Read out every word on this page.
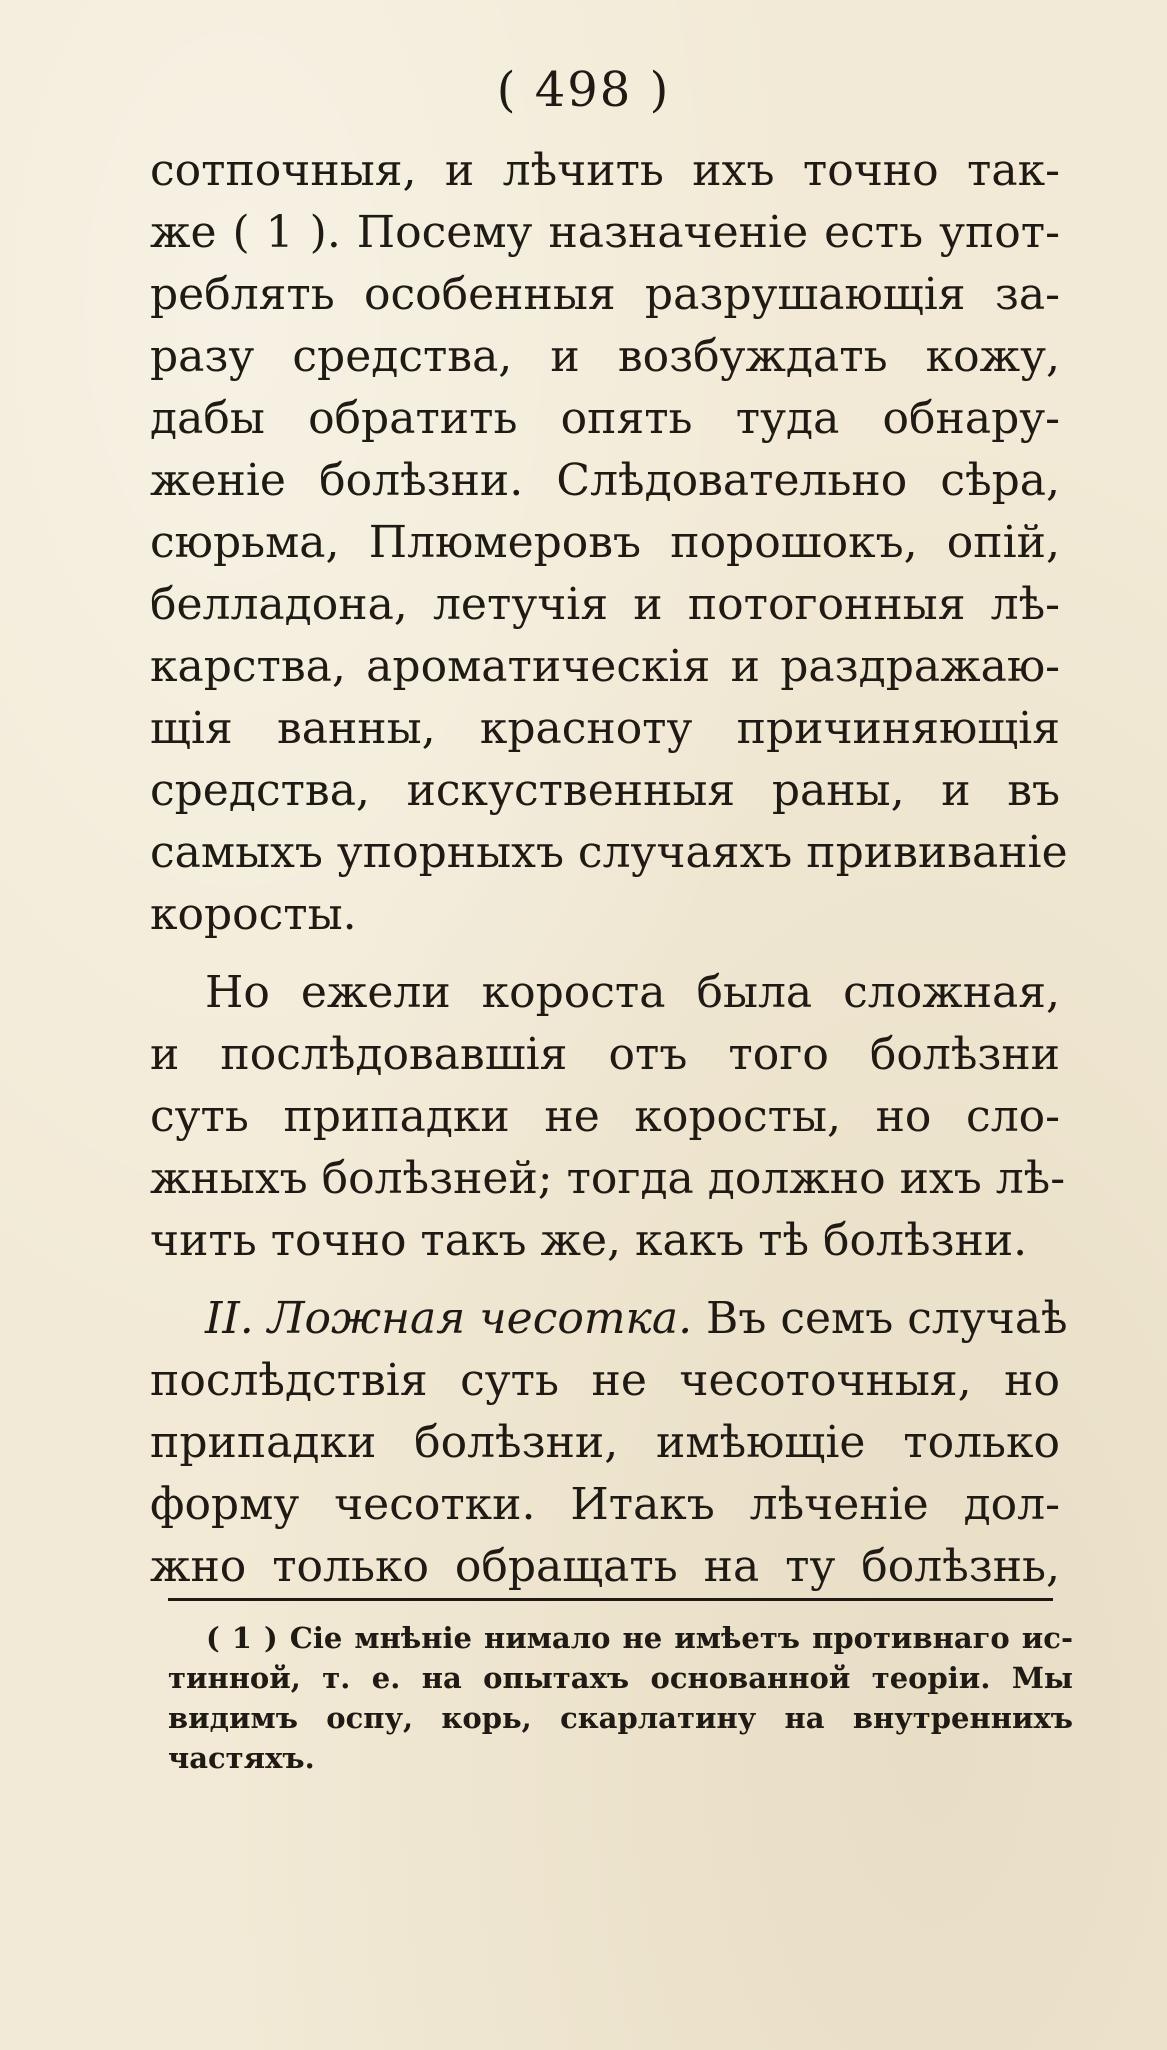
( 498 )
сотпочныя, и лѣчить ихъ точно так-
же ( 1 ). Посему назначеніе есть упот-
реблять особенныя разрушающія за-
разу средства, и возбуждать кожу,
дабы обратить опять туда обнару-
женіе болѣзни. Слѣдовательно сѣра,
сюрьма, Плюмеровъ порошокъ, опій,
белладона, летучія и потогонныя лѣ-
карства, ароматическія и раздражаю-
щія ванны, красноту причиняющія
средства, искуственныя раны, и въ
самыхъ упорныхъ случаяхъ прививаніе
коросты.
Но ежели короста была сложная,
и послѣдовавшія отъ того болѣзни
суть припадки не коросты, но сло-
жныхъ болѣзней; тогда должно ихъ лѣ-
чить точно такъ же, какъ тѣ болѣзни.
II. Ложная чесотка. Въ семъ случаѣ
послѣдствія суть не чесоточныя, но
припадки болѣзни, имѣющіе только
форму чесотки. Итакъ лѣченіе дол-
жно только обращать на ту болѣзнь,
( 1 ) Сіе мнѣніе нимало не имѣетъ противнаго ис-
тинной, т. е. на опытахъ основанной теоріи. Мы
видимъ оспу, корь, скарлатину на внутреннихъ
частяхъ.
